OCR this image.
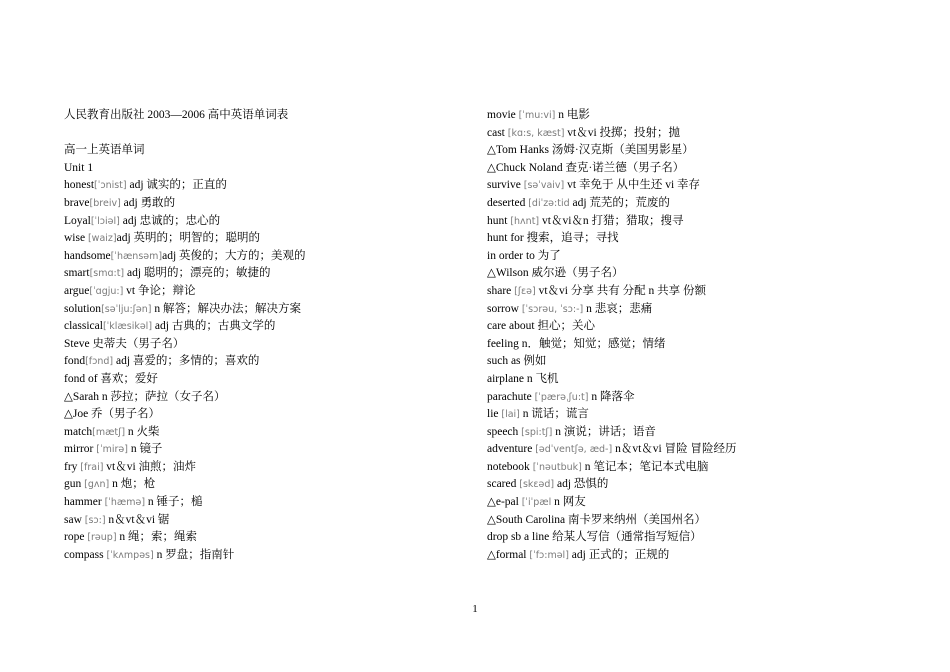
人民教育出版社 2003—2006 高中英语单词表
高一上英语单词
Unit 1
honest[ˈɔnist] adj 诚实的；正直的
brave[breiv] adj 勇敢的
Loyal[ˈlɔiəl] adj 忠诚的；忠心的
wise [waiz]adj 英明的；明智的；聪明的
handsome[ˈhænsəm]adj 英俊的；大方的；美观的
smart[smɑ:t] adj 聪明的；漂亮的；敏捷的
argue[ˈɑgju:] vt 争论；辩论
solution[səˈlju:ʃən] n 解答；解决办法；解决方案
classical[ˈklæsikəl] adj 古典的；古典文学的
Steve 史蒂夫（男子名）
fond[fɔnd] adj 喜爱的；多情的；喜欢的
fond of 喜欢；爱好
△Sarah n 莎拉；萨拉（女子名）
△Joe 乔（男子名）
match[mætʃ] n 火柴
mirror [ˈmirə] n 镜子
fry [frai] vt＆vi 油煎；油炸
gun [gʌn] n 炮；枪
hammer [ˈhæmə] n 锤子；槌
saw [sɔ:] n＆vt＆vi 锯
rope [rəup] n 绳；索；绳索
compass [ˈkʌmpəs] n 罗盘；指南针
movie [ˈmu:vi] n 电影
cast [kɑ:s, kæst] vt＆vi 投掷；投射；抛
△Tom Hanks 汤姆·汉克斯（美国男影星）
△Chuck Noland 查克·诺兰德（男子名）
survive [səˈvaiv] vt 幸免于 从中生还 vi 幸存
deserted [diˈzə:tid adj 荒芜的；荒废的
hunt [hʌnt] vt＆vi＆n 打猎；猎取；搜寻
hunt for 搜索，追寻；寻找
in order to 为了
△Wilson 威尔逊（男子名）
share [ʃɛə] vt＆vi 分享 共有 分配 n 共享 份额
sorrow [ˈsɔrəu, ˈsɔ:-] n 悲哀；悲痛
care about 担心；关心
feeling n．触觉；知觉；感觉；情绪
such as 例如
airplane n 飞机
parachute [ˈpærəˌʃu:t] n 降落伞
lie [lai] n 谎话；谎言
speech [spi:tʃ] n 演说；讲话；语音
adventure [ədˈventʃə, æd-] n＆vt＆vi 冒险 冒险经历
notebook [ˈnəutbuk] n 笔记本；笔记本式电脑
scared [skɛəd] adj 恐惧的
△e-pal [ˈiˈpæl n 网友
△South Carolina 南卡罗来纳州（美国州名）
drop sb a line 给某人写信（通常指写短信）
△formal [ˈfɔ:məl] adj 正式的；正规的
1
